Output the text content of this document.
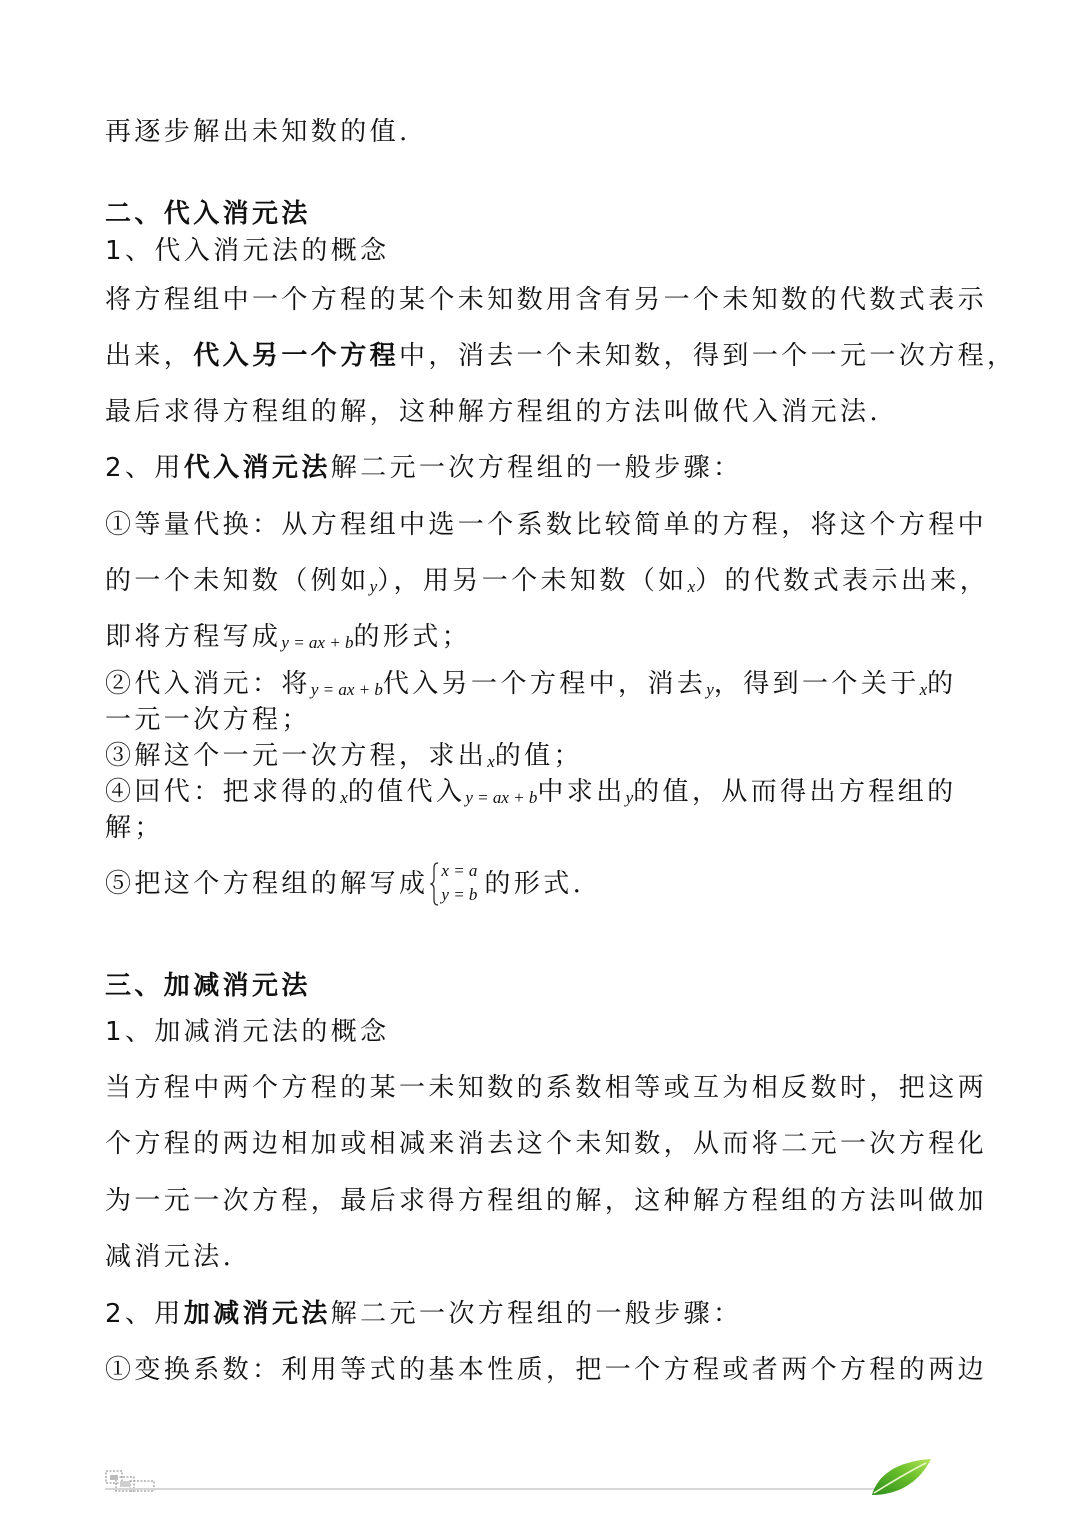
再逐步解出未知数的值.
二、代入消元法
1、代入消元法的概念
将方程组中一个方程的某个未知数用含有另一个未知数的代数式表示
出来，代入另一个方程中，消去一个未知数，得到一个一元一次方程，
最后求得方程组的解，这种解方程组的方法叫做代入消元法.
2、用代入消元法解二元一次方程组的一般步骤：
①等量代换：从方程组中选一个系数比较简单的方程，将这个方程中
的一个未知数（例如y），用另一个未知数（如x）的代数式表示出来，
即将方程写成y = ax + b的形式；
②代入消元：将y = ax + b代入另一个方程中，消去y，得到一个关于x的
一元一次方程；
③解这个一元一次方程，求出x的值；
④回代：把求得的x的值代入y = ax + b中求出y的值，从而得出方程组的
解；
⑤把这个方程组的解写成 x = a
y = b 的形式.
三、加减消元法
1、加减消元法的概念
当方程中两个方程的某一未知数的系数相等或互为相反数时，把这两
个方程的两边相加或相减来消去这个未知数，从而将二元一次方程化
为一元一次方程，最后求得方程组的解，这种解方程组的方法叫做加
减消元法.
2、用加减消元法解二元一次方程组的一般步骤：
①变换系数：利用等式的基本性质，把一个方程或者两个方程的两边
